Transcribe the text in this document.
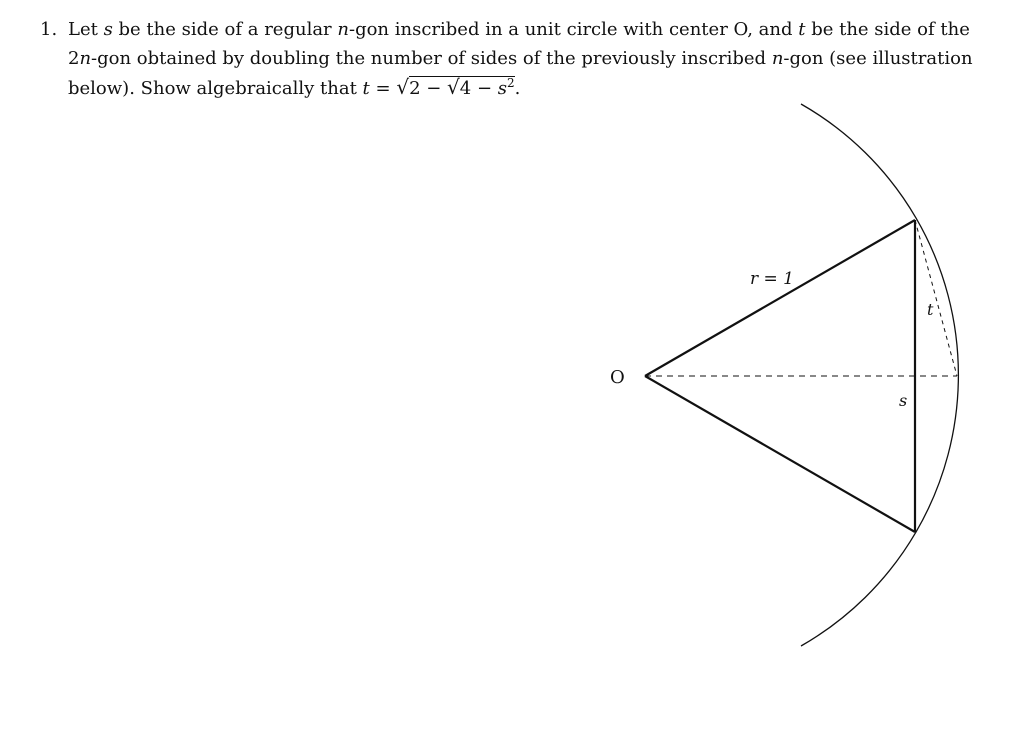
1. Let s be the side of a regular n-gon inscribed in a unit circle with center O, and t be the side of the
2n-gon obtained by doubling the number of sides of the previously inscribed n-gon (see illustration
below). Show algebraically that $t = √2 - √4 - s^2$.
O
r = 1
t
s
